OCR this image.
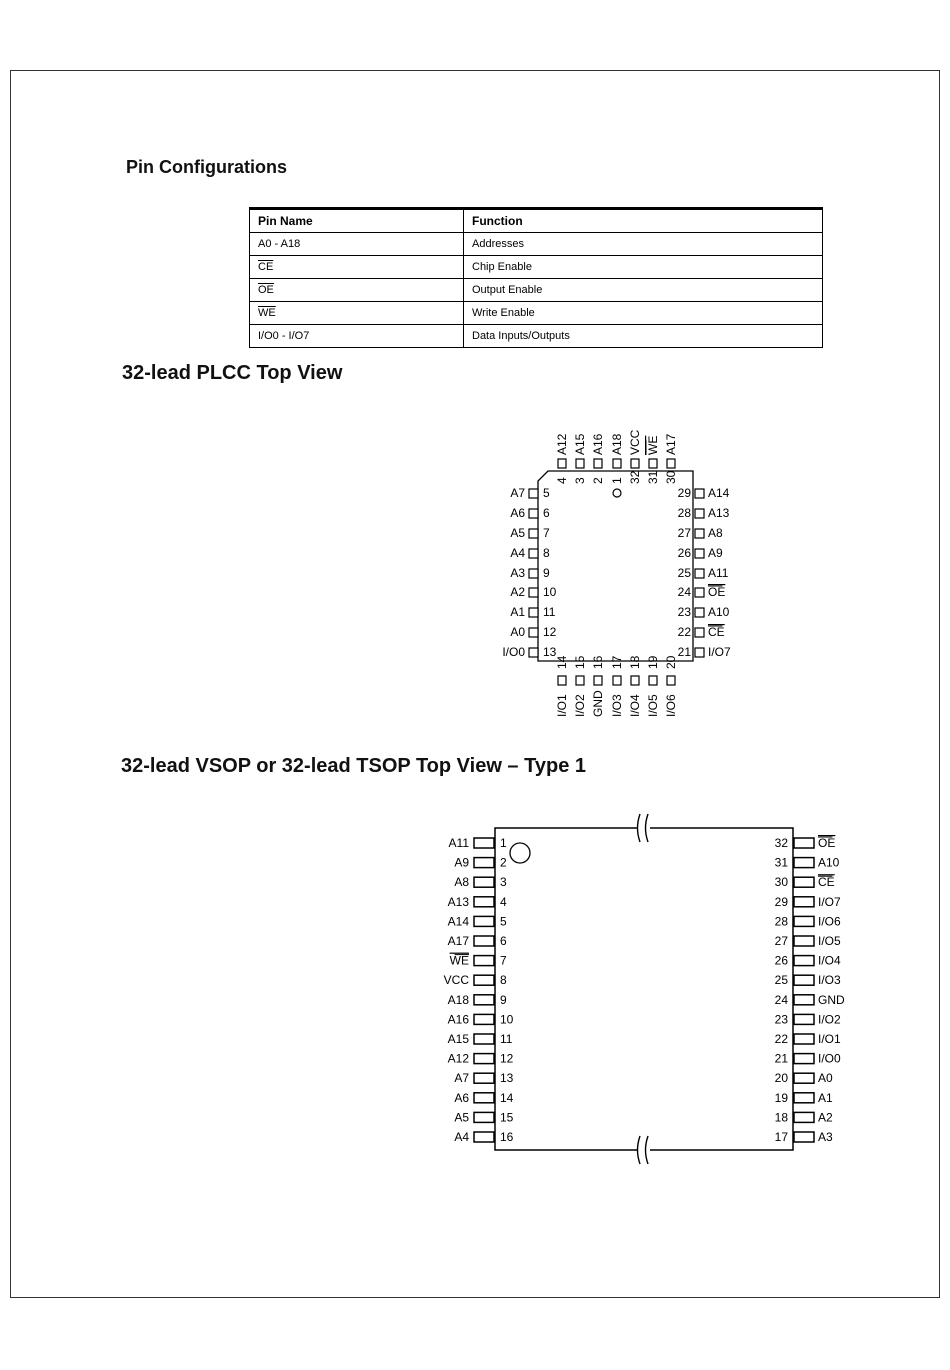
Pin Configurations
Pin Name	Function
A0 - A18	Addresses
$\overline{CE}$	Chip Enable
$\overline{OE}$	Output Enable
$\overline{WE}$	Write Enable
I/O0 - I/O7	Data Inputs/Outputs
32-lead PLCC Top View
32-lead VSOP or 32-lead TSOP Top View – Type 1
A12
4
A15
3
A16
2
A18
1
VCC
32
WE
31
A17
30
A7 5
A6 6
A5 7
A4 8
A3 9
A2 10
A1 11
A0 12
I/O0 13
A14
29
A13
28
A8
27
A9
26
A11
25
OE
24
A10
23
CE
22
I/O7
21
I/O1
14
I/O2
15
GND
16
I/O3
17
I/O4
18
I/O5
19
I/O6
20
A11	1
A9	2
A8	3
A13	4
A14	5
A17	6
WE	7
VCC	8
A18	9
A16	10
A15	11
A12	12
A7	13
A6	14
A5	15
A4	16
OE
32
A10
31
CE
30
I/O7
29
I/O6
28
I/O5
27
I/O4
26
I/O3
25
GND
24
I/O2
23
I/O1
22
I/O0
21
A0
20
A1
19
A2
18
A3
17
